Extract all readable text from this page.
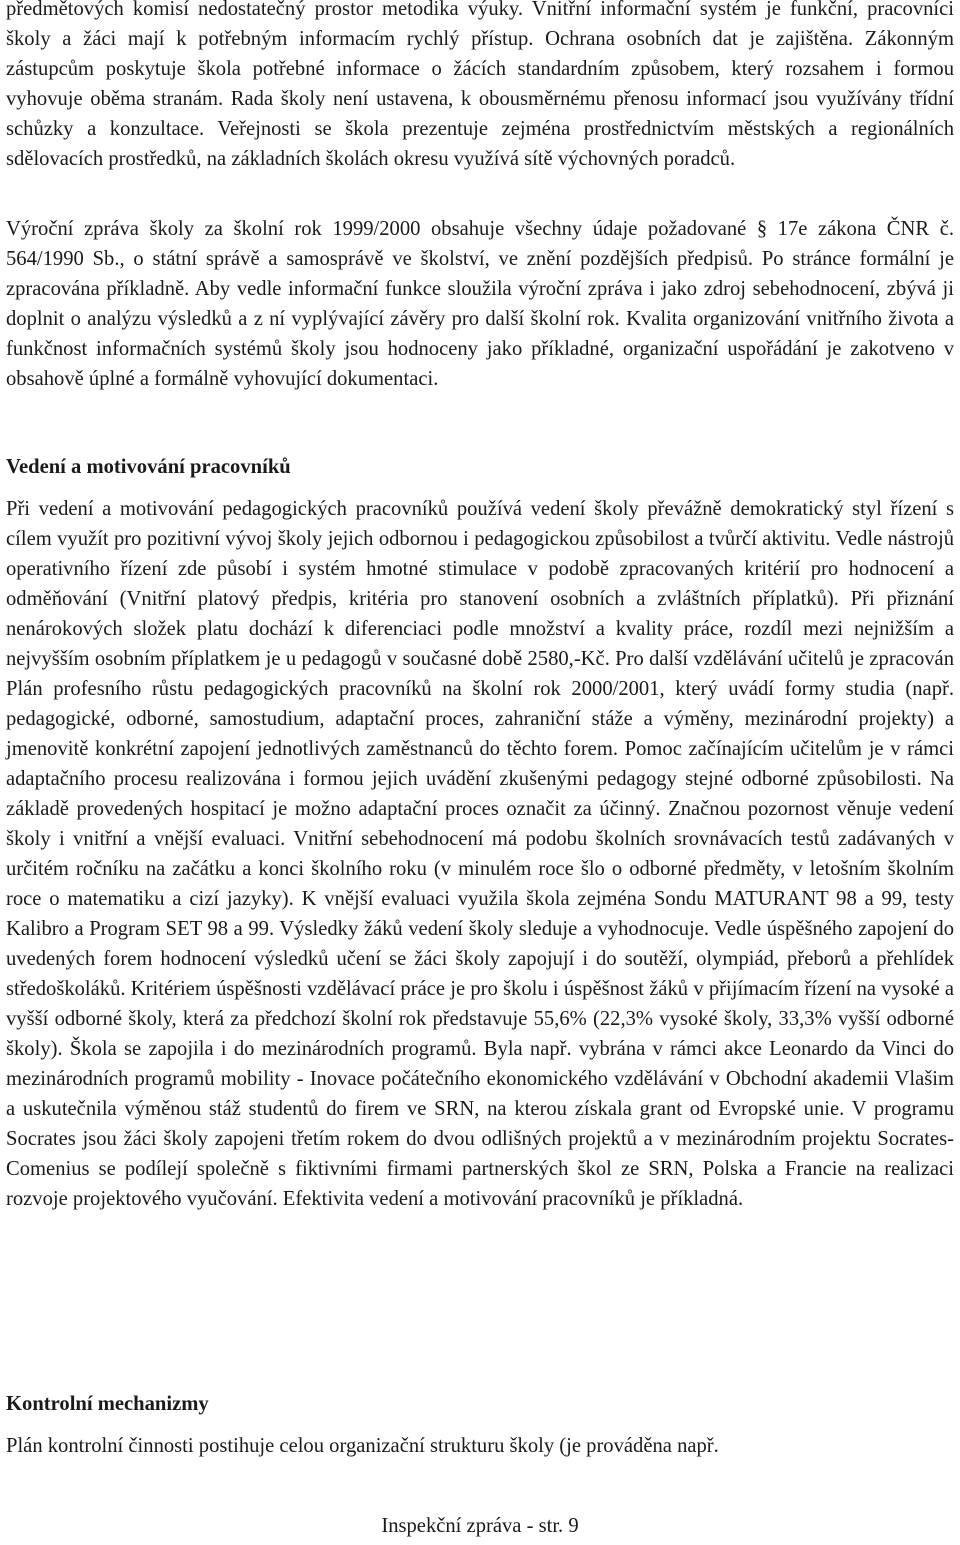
předmětových komisí nedostatečný prostor metodika výuky. Vnitřní informační systém je funkční, pracovníci školy a žáci mají k potřebným informacím rychlý přístup. Ochrana osobních dat je zajištěna. Zákonným zástupcům poskytuje škola potřebné informace o žácích standardním způsobem, který rozsahem i formou vyhovuje oběma stranám. Rada školy není ustavena, k obousměrnému přenosu informací jsou využívány třídní schůzky a konzultace. Veřejnosti se škola prezentuje zejména prostřednictvím městských a regionálních sdělovacích prostředků, na základních školách okresu využívá sítě výchovných poradců.

Výroční zpráva školy za školní rok 1999/2000 obsahuje všechny údaje požadované § 17e zákona ČNR č. 564/1990 Sb., o státní správě a samosprávě ve školství, ve znění pozdějších předpisů. Po stránce formální je zpracována příkladně. Aby vedle informační funkce sloužila výroční zpráva i jako zdroj sebehodnocení, zbývá ji doplnit o analýzu výsledků a z ní vyplývající závěry pro další školní rok. Kvalita organizování vnitřního života a funkčnost informačních systémů školy jsou hodnoceny jako příkladné, organizační uspořádání je zakotveno v obsahově úplné a formálně vyhovující dokumentaci.

Vedení a motivování pracovníků

Při vedení a motivování pedagogických pracovníků používá vedení školy převážně demokratický styl řízení s cílem využít pro pozitivní vývoj školy jejich odbornou i pedagogickou způsobilost a tvůrčí aktivitu. Vedle nástrojů operativního řízení zde působí i systém hmotné stimulace v podobě zpracovaných kritérií pro hodnocení a odměňování (Vnitřní platový předpis, kritéria pro stanovení osobních a zvláštních příplatků). Při přiznání nenárokových složek platu dochází k diferenciaci podle množství a kvality práce, rozdíl mezi nejnižším a nejvyšším osobním příplatkem je u pedagogů v současné době 2580,-Kč. Pro další vzdělávání učitelů je zpracován Plán profesního růstu pedagogických pracovníků na školní rok 2000/2001, který uvádí formy studia (např. pedagogické, odborné, samostudium, adaptační proces, zahraniční stáže a výměny, mezinárodní projekty) a jmenovitě konkrétní zapojení jednotlivých zaměstnanců do těchto forem. Pomoc začínajícím učitelům je v rámci adaptačního procesu realizována i formou jejich uvádění zkušenými pedagogy stejné odborné způsobilosti. Na základě provedených hospitací je možno adaptační proces označit za účinný. Značnou pozornost věnuje vedení školy i vnitřní a vnější evaluaci. Vnitřní sebehodnocení má podobu školních srovnávacích testů zadávaných v určitém ročníku na začátku a konci školního roku (v minulém roce šlo o odborné předměty, v letošním školním roce o matematiku a cizí jazyky). K vnější evaluaci využila škola zejména Sondu MATURANT 98 a 99, testy Kalibro a Program SET 98 a 99. Výsledky žáků vedení školy sleduje a vyhodnocuje. Vedle úspěšného zapojení do uvedených forem hodnocení výsledků učení se žáci školy zapojují i do soutěží, olympiád, přeborů a přehlídek středoškoláků. Kritériem úspěšnosti vzdělávací práce je pro školu i úspěšnost žáků v přijímacím řízení na vysoké a vyšší odborné školy, která za předchozí školní rok představuje 55,6% (22,3% vysoké školy, 33,3% vyšší odborné školy). Škola se zapojila i do mezinárodních programů. Byla např. vybrána v rámci akce Leonardo da Vinci do mezinárodních programů mobility - Inovace počátečního ekonomického vzdělávání v Obchodní akademii Vlašim a uskutečnila výměnou stáž studentů do firem ve SRN, na kterou získala grant od Evropské unie. V programu Socrates jsou žáci školy zapojeni třetím rokem do dvou odlišných projektů a v mezinárodním projektu Socrates-Comenius se podílejí společně s fiktivními firmami partnerských škol ze SRN, Polska a Francie na realizaci rozvoje projektového vyučování. Efektivita vedení a motivování pracovníků je příkladná.

Kontrolní mechanizmy

Plán kontrolní činnosti postihuje celou organizační strukturu školy (je prováděna např.

Inspekční zpráva - str. 9
